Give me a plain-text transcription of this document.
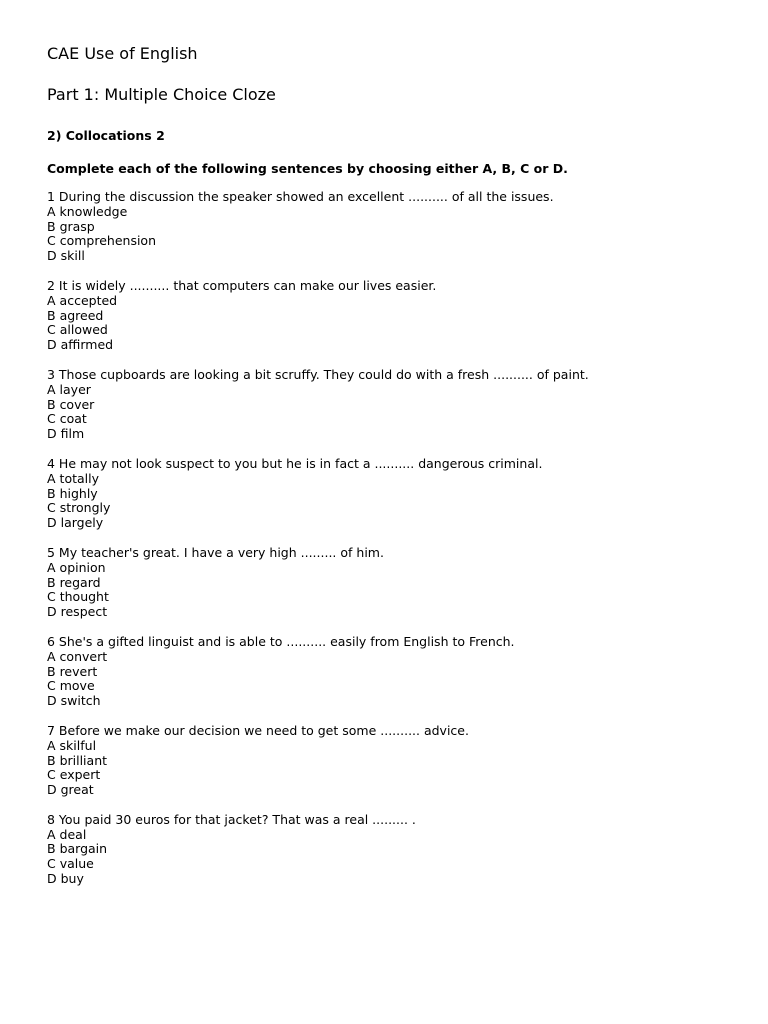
CAE Use of English
Part 1: Multiple Choice Cloze
2) Collocations 2
Complete each of the following sentences by choosing either A, B, C or D.
1 During the discussion the speaker showed an excellent .......... of all the issues.
A knowledge
B grasp
C comprehension
D skill
2 It is widely .......... that computers can make our lives easier.
A accepted
B agreed
C allowed
D affirmed
3 Those cupboards are looking a bit scruffy. They could do with a fresh .......... of paint.
A layer
B cover
C coat
D film
4 He may not look suspect to you but he is in fact a .......... dangerous criminal.
A totally
B highly
C strongly
D largely
5 My teacher's great. I have a very high ......... of him.
A opinion
B regard
C thought
D respect
6 She's a gifted linguist and is able to .......... easily from English to French.
A convert
B revert
C move
D switch
7 Before we make our decision we need to get some .......... advice.
A skilful
B brilliant
C expert
D great
8 You paid 30 euros for that jacket? That was a real ......... .
A deal
B bargain
C value
D buy
